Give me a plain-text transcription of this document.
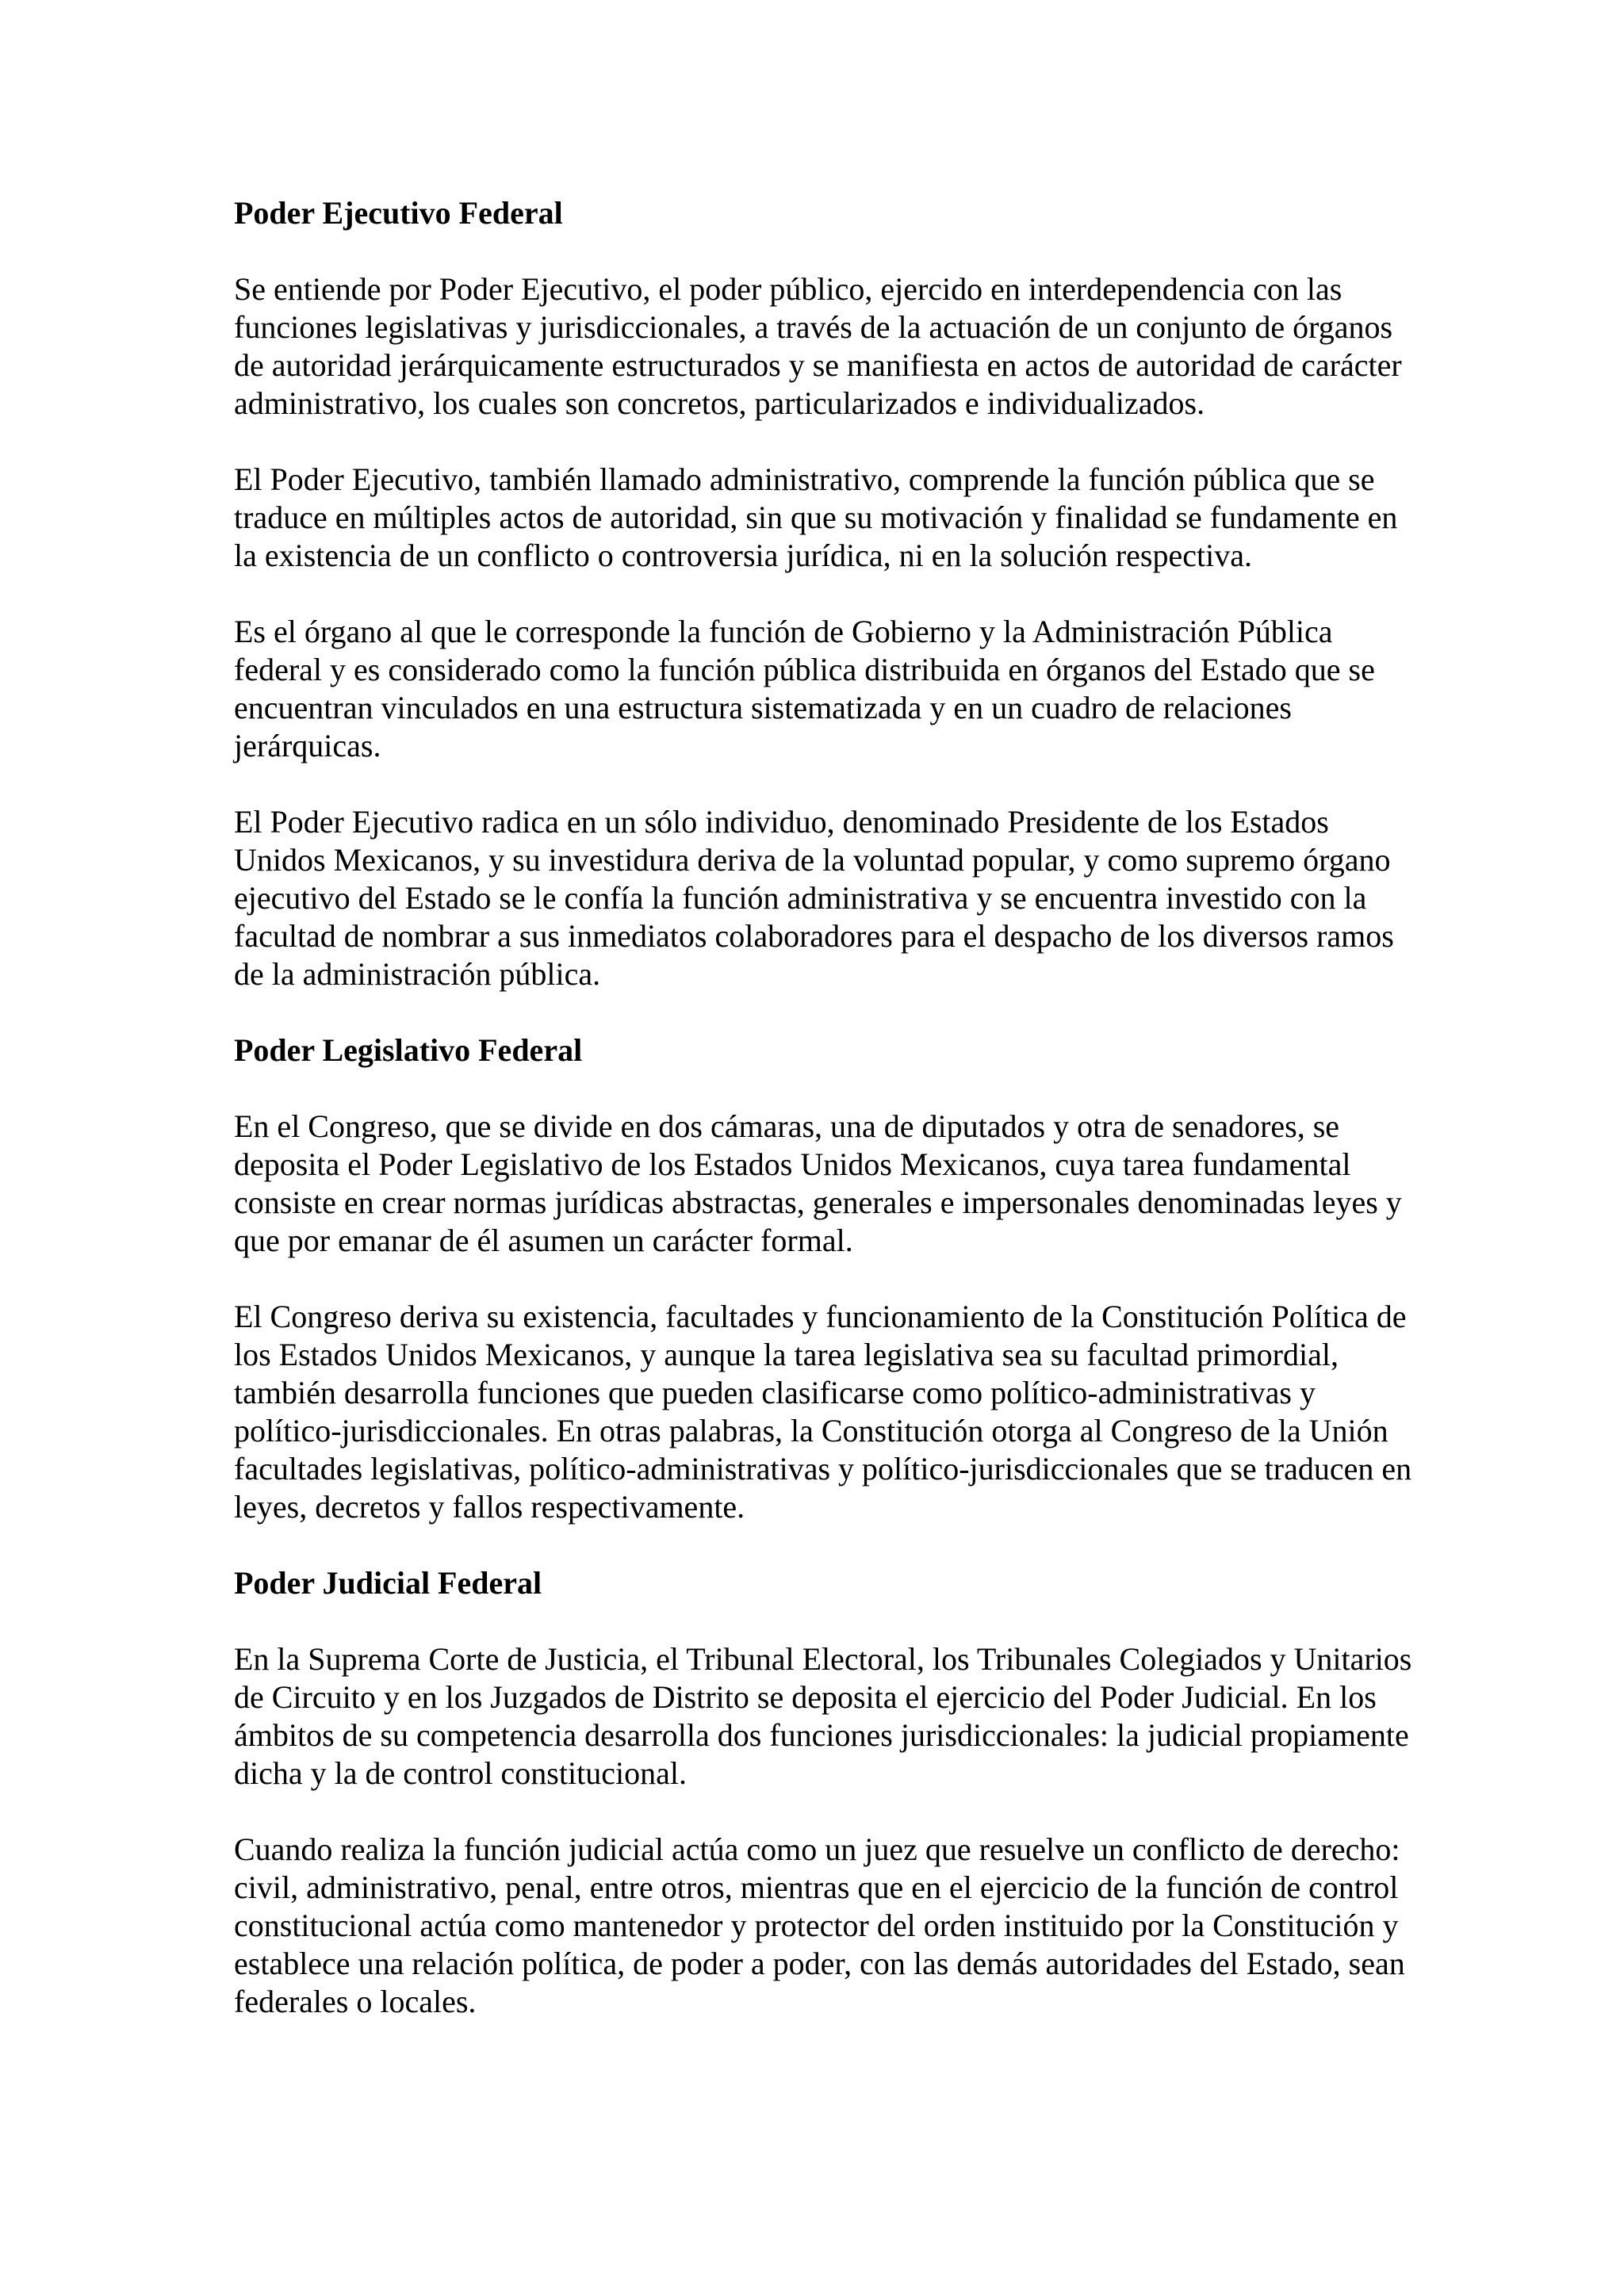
Poder Ejecutivo Federal
Se entiende por Poder Ejecutivo, el poder público, ejercido en interdependencia con las funciones legislativas y jurisdiccionales, a través de la actuación de un conjunto de órganos de autoridad jerárquicamente estructurados y se manifiesta en actos de autoridad de carácter administrativo, los cuales son concretos, particularizados e individualizados.
El Poder Ejecutivo, también llamado administrativo, comprende la función pública que se traduce en múltiples actos de autoridad, sin que su motivación y finalidad se fundamente en la existencia de un conflicto o controversia jurídica, ni en la solución respectiva.
Es el órgano al que le corresponde la función de Gobierno y la Administración Pública federal y es considerado como la función pública distribuida en órganos del Estado que se encuentran vinculados en una estructura sistematizada y en un cuadro de relaciones jerárquicas.
El Poder Ejecutivo radica en un sólo individuo, denominado Presidente de los Estados Unidos Mexicanos, y su investidura deriva de la voluntad popular, y como supremo órgano ejecutivo del Estado se le confía la función administrativa y se encuentra investido con la facultad de nombrar a sus inmediatos colaboradores para el despacho de los diversos ramos de la administración pública.
Poder Legislativo Federal
En el Congreso, que se divide en dos cámaras, una de diputados y otra de senadores, se deposita el Poder Legislativo de los Estados Unidos Mexicanos, cuya tarea fundamental consiste en crear normas jurídicas abstractas, generales e impersonales denominadas leyes y que por emanar de él asumen un carácter formal.
El Congreso deriva su existencia, facultades y funcionamiento de la Constitución Política de los Estados Unidos Mexicanos, y aunque la tarea legislativa sea su facultad primordial, también desarrolla funciones que pueden clasificarse como político-administrativas y político-jurisdiccionales. En otras palabras, la Constitución otorga al Congreso de la Unión facultades legislativas, político-administrativas y político-jurisdiccionales que se traducen en leyes, decretos y fallos respectivamente.
Poder Judicial Federal
En la Suprema Corte de Justicia, el Tribunal Electoral, los Tribunales Colegiados y Unitarios de Circuito y en los Juzgados de Distrito se deposita el ejercicio del Poder Judicial. En los ámbitos de su competencia desarrolla dos funciones jurisdiccionales: la judicial propiamente dicha y la de control constitucional.
Cuando realiza la función judicial actúa como un juez que resuelve un conflicto de derecho: civil, administrativo, penal, entre otros, mientras que en el ejercicio de la función de control constitucional actúa como mantenedor y protector del orden instituido por la Constitución y establece una relación política, de poder a poder, con las demás autoridades del Estado, sean federales o locales.
